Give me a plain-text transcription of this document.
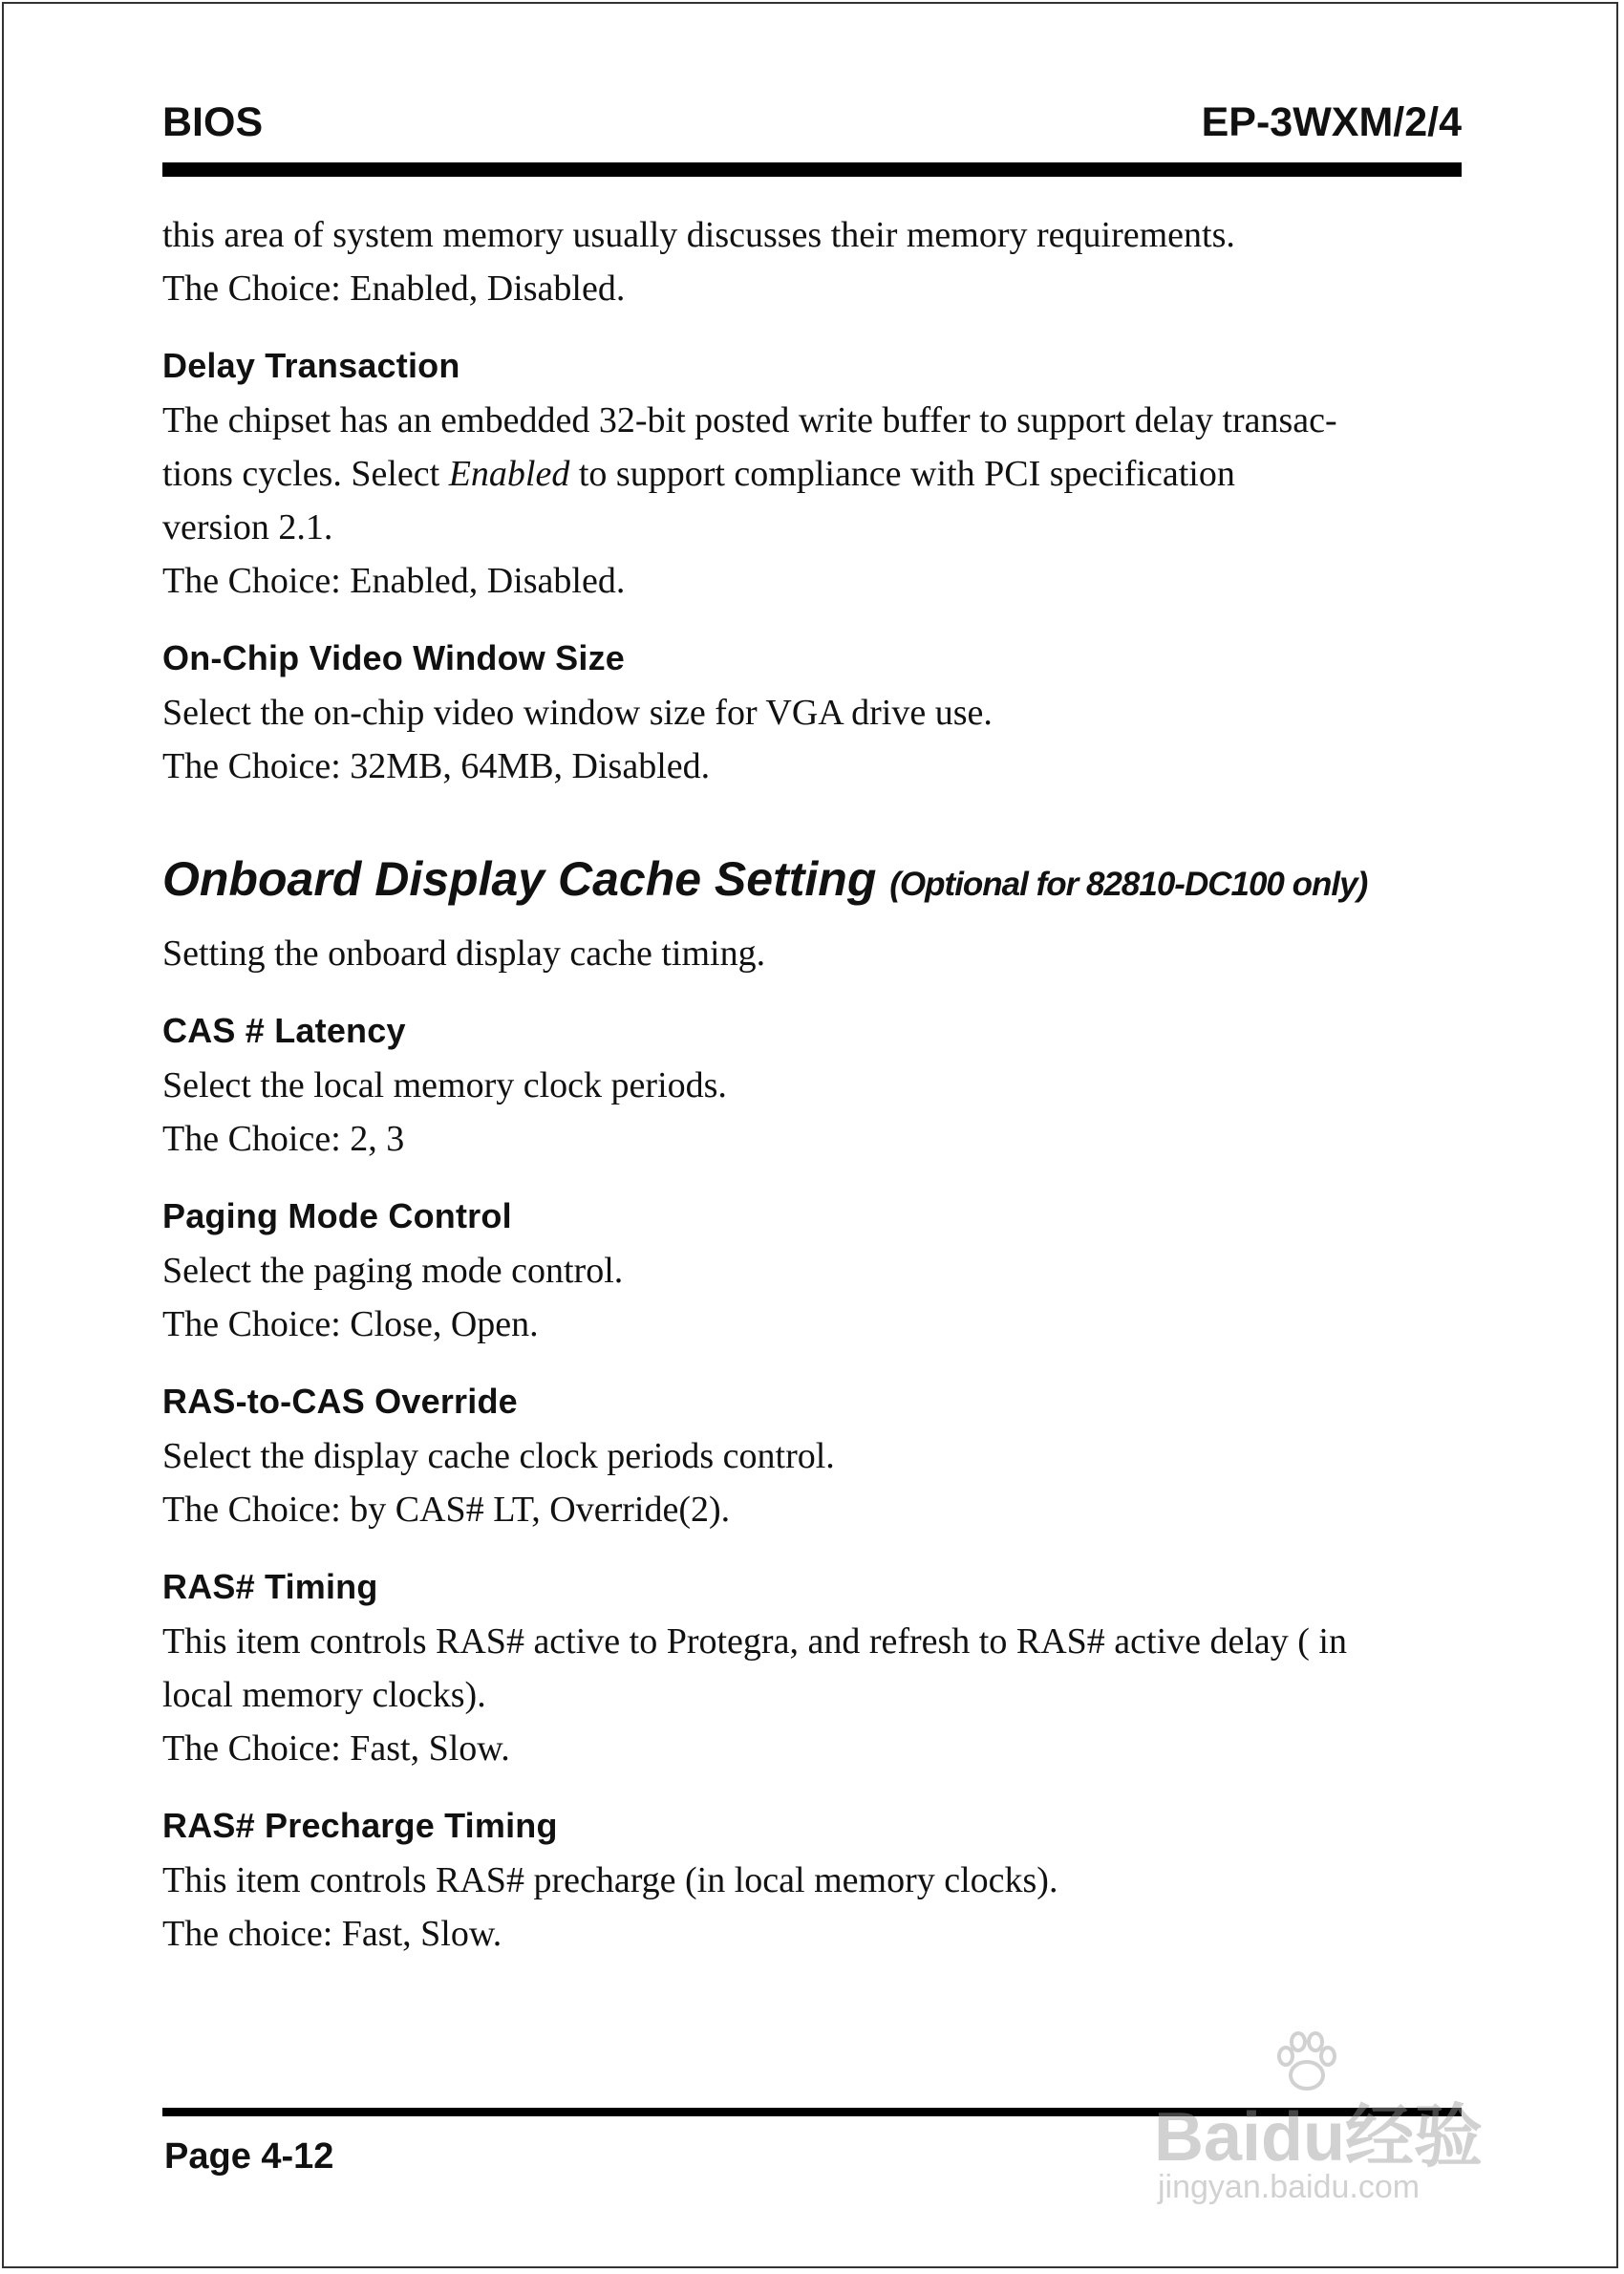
BIOS	EP-3WXM/2/4

this area of system memory usually discusses their memory requirements.

The Choice: Enabled, Disabled.

Delay Transaction

The chipset has an embedded 32-bit posted write buffer to support delay transac-

tions cycles. Select Enabled to support compliance with PCI specification

version 2.1.

The Choice: Enabled, Disabled.

On-Chip Video Window Size

Select the on-chip video window size for VGA drive use.

The Choice: 32MB, 64MB, Disabled.

Onboard Display Cache Setting (Optional for 82810-DC100 only)

Setting the onboard display cache timing.

CAS # Latency

Select the local memory clock periods.

The Choice: 2, 3

Paging Mode Control

Select the paging mode control.

The Choice: Close, Open.

RAS-to-CAS Override

Select the display cache clock periods control.

The Choice: by CAS# LT, Override(2).

RAS# Timing

This item controls RAS# active to Protegra, and refresh to RAS# active delay ( in

local memory clocks).

The Choice: Fast, Slow.

RAS# Precharge Timing

This item controls RAS# precharge (in local memory clocks).

The choice: Fast, Slow.

Page 4-12	Baidu经验
jingyan.baidu.com
